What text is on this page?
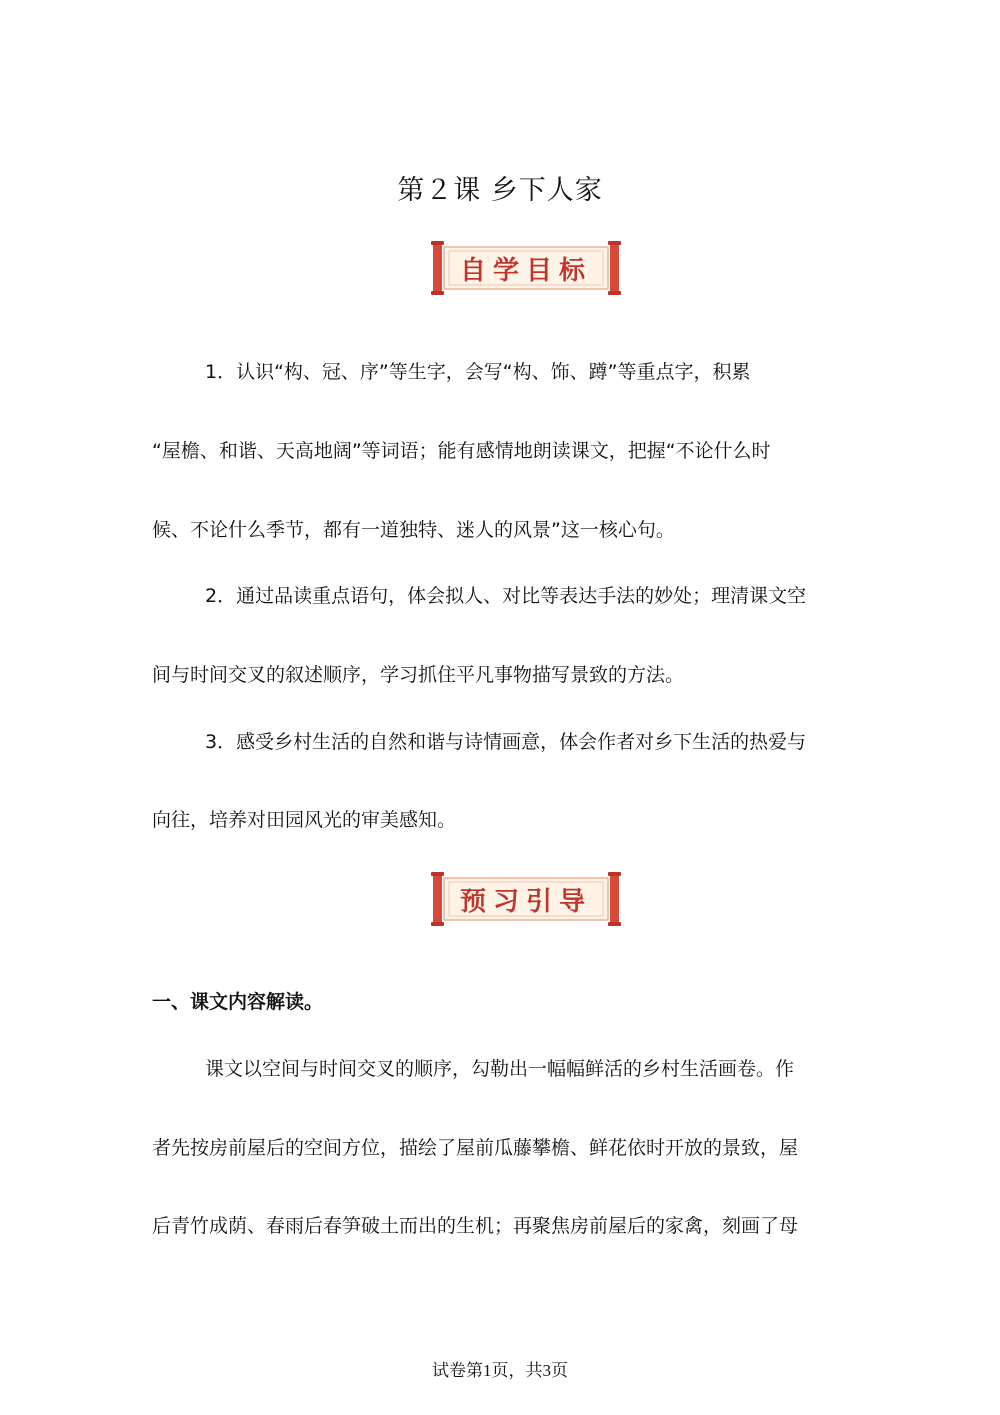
第２课 乡下人家
自学目标
1．认识“构、冠、序”等生字，会写“构、饰、蹲”等重点字，积累
“屋檐、和谐、天高地阔”等词语；能有感情地朗读课文，把握“不论什么时
候、不论什么季节，都有一道独特、迷人的风景”这一核心句。
2．通过品读重点语句，体会拟人、对比等表达手法的妙处；理清课文空
间与时间交叉的叙述顺序，学习抓住平凡事物描写景致的方法。
3．感受乡村生活的自然和谐与诗情画意，体会作者对乡下生活的热爱与
向往，培养对田园风光的审美感知。
预习引导
一、课文内容解读。
课文以空间与时间交叉的顺序，勾勒出一幅幅鲜活的乡村生活画卷。作
者先按房前屋后的空间方位，描绘了屋前瓜藤攀檐、鲜花依时开放的景致，屋
后青竹成荫、春雨后春笋破土而出的生机；再聚焦房前屋后的家禽，刻画了母
试卷第1页，共3页
